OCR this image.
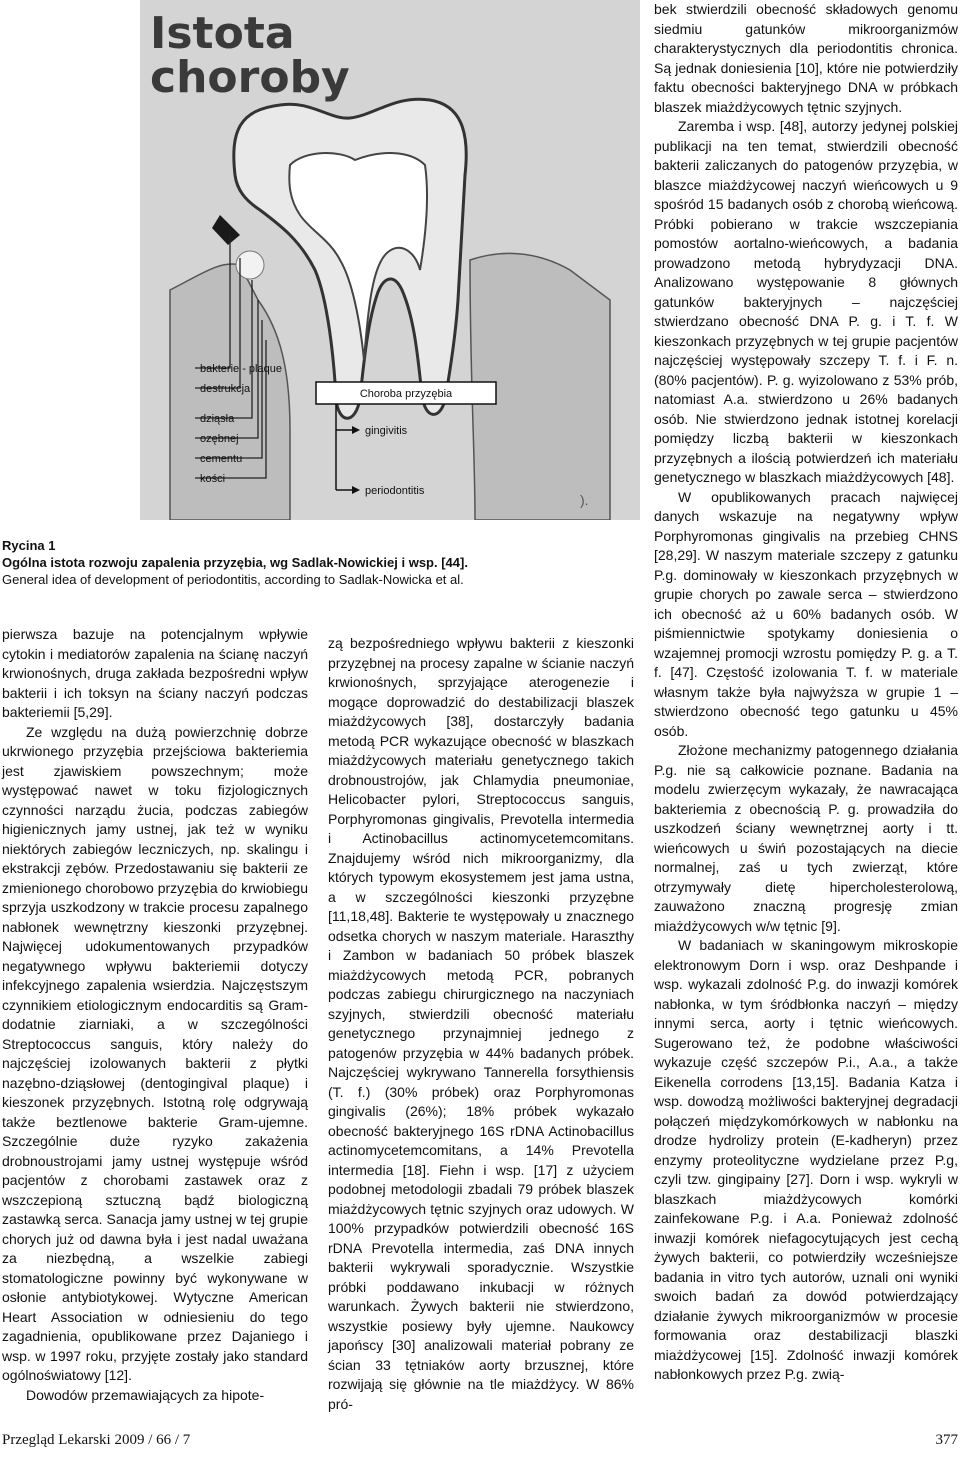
Istota
choroby
bakterie - plaque
destrukcja
dziąsła
ozębnej
cementu
kości
Choroba przyzębia
gingivitis
periodontitis
).
Rycina 1
Ogólna istota rozwoju zapalenia przyzębia, wg Sadlak-Nowickiej i wsp. [44].
General idea of development of periodontitis, according to Sadlak-Nowicka et al.

pierwsza bazuje na potencjalnym wpływie cytokin i mediatorów zapalenia na ścianę naczyń krwionośnych, druga zakłada bezpośredni wpływ bakterii i ich toksyn na ściany naczyń podczas bakteriemii [5,29].

Ze względu na dużą powierzchnię dobrze ukrwionego przyzębia przejściowa bakteriemia jest zjawiskiem powszechnym; może występować nawet w toku fizjologicznych czynności narządu żucia, podczas zabiegów higienicznych jamy ustnej, jak też w wyniku niektórych zabiegów leczniczych, np. skalingu i ekstrakcji zębów. Przedostawaniu się bakterii ze zmienionego chorobowo przyzębia do krwiobiegu sprzyja uszkodzony w trakcie procesu zapalnego nabłonek wewnętrzny kieszonki przyzębnej. Najwięcej udokumentowanych przypadków negatywnego wpływu bakteriemii dotyczy infekcyjnego zapalenia wsierdzia. Najczęstszym czynnikiem etiologicznym endocarditis są Gram-dodatnie ziarniaki, a w szczególności Streptococcus sanguis, który należy do najczęściej izolowanych bakterii z płytki nazębno-dziąsłowej (dentogingival plaque) i kieszonek przyzębnych. Istotną rolę odgrywają także beztlenowe bakterie Gram-ujemne. Szczególnie duże ryzyko zakażenia drobnoustrojami jamy ustnej występuje wśród pacjentów z chorobami zastawek oraz z wszczepioną sztuczną bądź biologiczną zastawką serca. Sanacja jamy ustnej w tej grupie chorych już od dawna była i jest nadal uważana za niezbędną, a wszelkie zabiegi stomatologiczne powinny być wykonywane w osłonie antybiotykowej. Wytyczne American Heart Association w odniesieniu do tego zagadnienia, opublikowane przez Dajaniego i wsp. w 1997 roku, przyjęte zostały jako standard ogólnoświatowy [12].

Dowodów przemawiających za hipote-

zą bezpośredniego wpływu bakterii z kieszonki przyzębnej na procesy zapalne w ścianie naczyń krwionośnych, sprzyjające aterogenezie i mogące doprowadzić do destabilizacji blaszek miażdżycowych [38], dostarczyły badania metodą PCR wykazujące obecność w blaszkach miażdżycowych materiału genetycznego takich drobnoustrojów, jak Chlamydia pneumoniae, Helicobacter pylori, Streptococcus sanguis, Porphyromonas gingivalis, Prevotella intermedia i Actinobacillus actinomycetemcomitans. Znajdujemy wśród nich mikroorganizmy, dla których typowym ekosystemem jest jama ustna, a w szczególności kieszonki przyzębne [11,18,48]. Bakterie te występowały u znacznego odsetka chorych w naszym materiale. Haraszthy i Zambon w badaniach 50 próbek blaszek miażdżycowych metodą PCR, pobranych podczas zabiegu chirurgicznego na naczyniach szyjnych, stwierdzili obecność materiału genetycznego przynajmniej jednego z patogenów przyzębia w 44% badanych próbek. Najczęściej wykrywano Tannerella forsythiensis (T. f.) (30% próbek) oraz Porphyromonas gingivalis (26%); 18% próbek wykazało obecność bakteryjnego 16S rDNA Actinobacillus actinomycetemcomitans, a 14% Prevotella intermedia [18]. Fiehn i wsp. [17] z użyciem podobnej metodologii zbadali 79 próbek blaszek miażdżycowych tętnic szyjnych oraz udowych. W 100% przypadków potwierdzili obecność 16S rDNA Prevotella intermedia, zaś DNA innych bakterii wykrywali sporadycznie. Wszystkie próbki poddawano inkubacji w różnych warunkach. Żywych bakterii nie stwierdzono, wszystkie posiewy były ujemne. Naukowcy japońscy [30] analizowali materiał pobrany ze ścian 33 tętniaków aorty brzusznej, które rozwijają się głównie na tle miażdżycy. W 86% pró-

bek stwierdzili obecność składowych genomu siedmiu gatunków mikroorganizmów charakterystycznych dla periodontitis chronica. Są jednak doniesienia [10], które nie potwierdziły faktu obecności bakteryjnego DNA w próbkach blaszek miażdżycowych tętnic szyjnych.

Zaremba i wsp. [48], autorzy jedynej polskiej publikacji na ten temat, stwierdzili obecność bakterii zaliczanych do patogenów przyzębia, w blaszce miażdżycowej naczyń wieńcowych u 9 spośród 15 badanych osób z chorobą wieńcową. Próbki pobierano w trakcie wszczepiania pomostów aortalno-wieńcowych, a badania prowadzono metodą hybrydyzacji DNA. Analizowano występowanie 8 głównych gatunków bakteryjnych – najczęściej stwierdzano obecność DNA P. g. i T. f. W kieszonkach przyzębnych w tej grupie pacjentów najczęściej występowały szczepy T. f. i F. n. (80% pacjentów). P. g. wyizolowano z 53% prób, natomiast A.a. stwierdzono u 26% badanych osób. Nie stwierdzono jednak istotnej korelacji pomiędzy liczbą bakterii w kieszonkach przyzębnych a ilością potwierdzeń ich materiału genetycznego w blaszkach miażdżycowych [48].

W opublikowanych pracach najwięcej danych wskazuje na negatywny wpływ Porphyromonas gingivalis na przebieg CHNS [28,29]. W naszym materiale szczepy z gatunku P.g. dominowały w kieszonkach przyzębnych w grupie chorych po zawale serca – stwierdzono ich obecność aż u 60% badanych osób. W piśmiennictwie spotykamy doniesienia o wzajemnej promocji wzrostu pomiędzy P. g. a T. f. [47]. Częstość izolowania T. f. w materiale własnym także była najwyższa w grupie 1 – stwierdzono obecność tego gatunku u 45% osób.

Złożone mechanizmy patogennego działania P.g. nie są całkowicie poznane. Badania na modelu zwierzęcym wykazały, że nawracająca bakteriemia z obecnością P. g. prowadziła do uszkodzeń ściany wewnętrznej aorty i tt. wieńcowych u świń pozostających na diecie normalnej, zaś u tych zwierząt, które otrzymywały dietę hipercholesterolową, zauważono znaczną progresję zmian miażdżycowych w/w tętnic [9].

W badaniach w skaningowym mikroskopie elektronowym Dorn i wsp. oraz Deshpande i wsp. wykazali zdolność P.g. do inwazji komórek nabłonka, w tym śródbłonka naczyń – między innymi serca, aorty i tętnic wieńcowych. Sugerowano też, że podobne właściwości wykazuje część szczepów P.i., A.a., a także Eikenella corrodens [13,15]. Badania Katza i wsp. dowodzą możliwości bakteryjnej degradacji połączeń międzykomórkowych w nabłonku na drodze hydrolizy protein (E-kadheryn) przez enzymy proteolityczne wydzielane przez P.g, czyli tzw. gingipainy [27]. Dorn i wsp. wykryli w blaszkach miażdżycowych komórki zainfekowane P.g. i A.a. Ponieważ zdolność inwazji komórek niefagocytujących jest cechą żywych bakterii, co potwierdziły wcześniejsze badania in vitro tych autorów, uznali oni wyniki swoich badań za dowód potwierdzający działanie żywych mikroorganizmów w procesie formowania oraz destabilizacji blaszki miażdżycowej [15]. Zdolność inwazji komórek nabłonkowych przez P.g. zwią-

Przegląd Lekarski 2009 / 66 / 7	377
